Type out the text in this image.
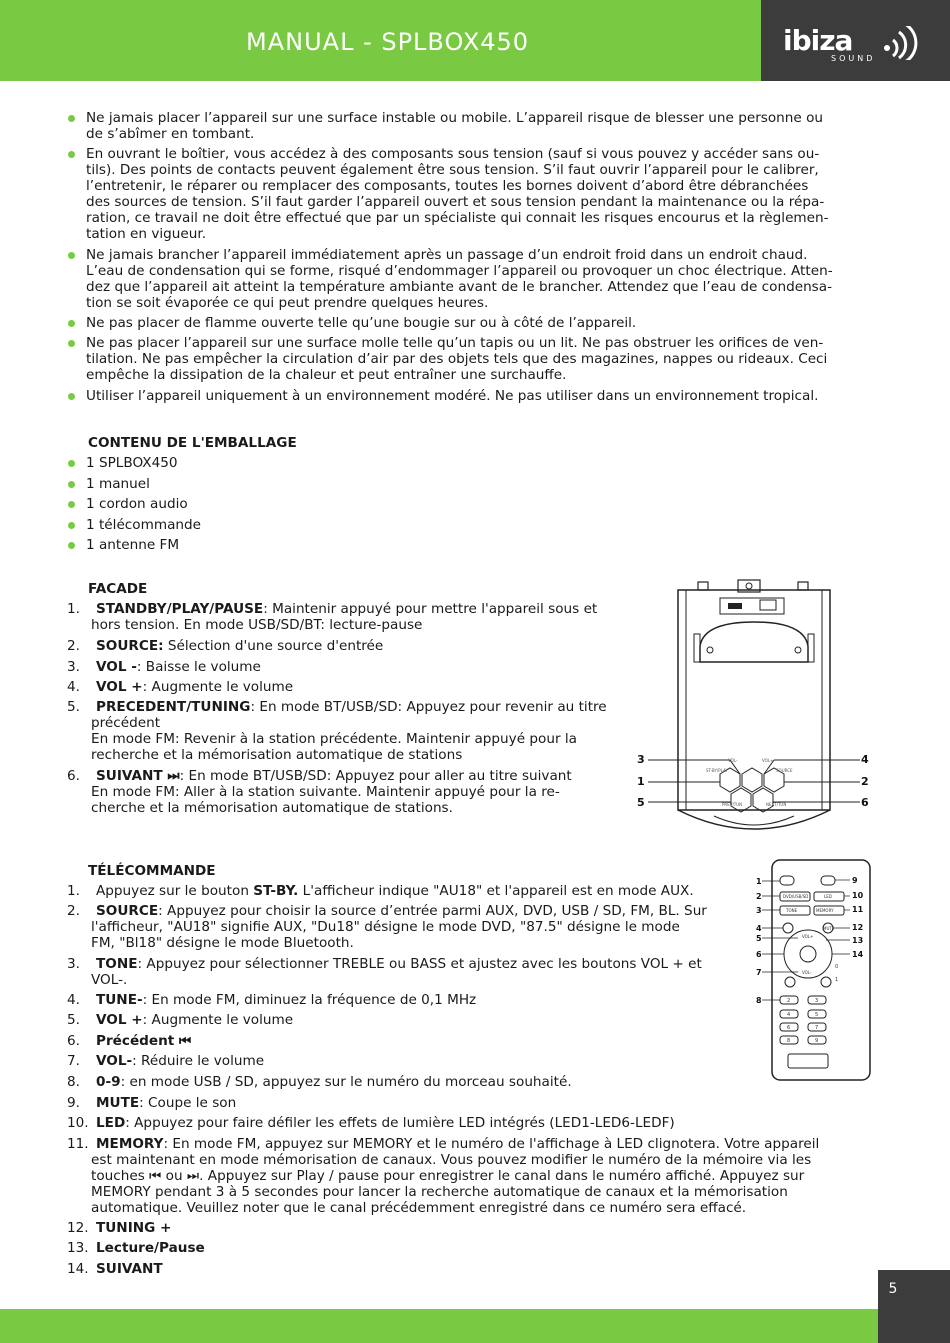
MANUAL - SPLBOX450	ibiza
SOUND
Ne jamais placer l’appareil sur une surface instable ou mobile. L’appareil risque de blesser une personne ou
de s’abîmer en tombant.
En ouvrant le boîtier, vous accédez à des composants sous tension (sauf si vous pouvez y accéder sans ou-
tils). Des points de contacts peuvent également être sous tension. S’il faut ouvrir l’appareil pour le calibrer,
l’entretenir, le réparer ou remplacer des composants, toutes les bornes doivent d’abord être débranchées
des sources de tension. S’il faut garder l’appareil ouvert et sous tension pendant la maintenance ou la répa-
ration, ce travail ne doit être effectué que par un spécialiste qui connait les risques encourus et la règlemen-
tation en vigueur.
Ne jamais brancher l’appareil immédiatement après un passage d’un endroit froid dans un endroit chaud.
L’eau de condensation qui se forme, risqué d’endommager l’appareil ou provoquer un choc électrique. Atten-
dez que l’appareil ait atteint la température ambiante avant de le brancher. Attendez que l’eau de condensa-
tion se soit évaporée ce qui peut prendre quelques heures.
Ne pas placer de flamme ouverte telle qu’une bougie sur ou à côté de l’appareil.
Ne pas placer l’appareil sur une surface molle telle qu’un tapis ou un lit. Ne pas obstruer les orifices de ven-
tilation. Ne pas empêcher la circulation d’air par des objets tels que des magazines, nappes ou rideaux. Ceci
empêche la dissipation de la chaleur et peut entraîner une surchauffe.
Utiliser l’appareil uniquement à un environnement modéré. Ne pas utiliser dans un environnement tropical.
CONTENU DE L'EMBALLAGE
1 SPLBOX450
1 manuel
1 cordon audio
1 télécommande
1 antenne FM
FACADE
1. STANDBY/PLAY/PAUSE: Maintenir appuyé pour mettre l'appareil sous et
hors tension. En mode USB/SD/BT: lecture-pause
2. SOURCE: Sélection d'une source d'entrée
3. VOL -: Baisse le volume
4. VOL +: Augmente le volume
5. PRECEDENT/TUNING: En mode BT/USB/SD: Appuyez pour revenir au titre
précédent
En mode FM: Revenir à la station précédente. Maintenir appuyé pour la
recherche et la mémorisation automatique de stations
6. SUIVANT ⏭: En mode BT/USB/SD: Appuyez pour aller au titre suivant
En mode FM: Aller à la station suivante. Maintenir appuyé pour la re-
cherche et la mémorisation automatique de stations.
ST-BY/PLAY
VOL-	VOL+
SOURCE
PREV/TUN	NEXT/TUN
3
1
5
4
2
6
TÉLÉCOMMANDE
1. Appuyez sur le bouton ST-BY. L'afficheur indique "AU18" et l'appareil est en mode AUX.
2. SOURCE: Appuyez pour choisir la source d’entrée parmi AUX, DVD, USB / SD, FM, BL. Sur
l'afficheur, "AU18" signifie AUX, "Du18" désigne le mode DVD, "87.5" désigne le mode
FM, "Bl18" désigne le mode Bluetooth.
3. TONE: Appuyez pour sélectionner TREBLE ou BASS et ajustez avec les boutons VOL + et
VOL-.
4. TUNE-: En mode FM, diminuez la fréquence de 0,1 MHz
5. VOL +: Augmente le volume
6. Précédent ⏮
7. VOL-: Réduire le volume
8. 0-9: en mode USB / SD, appuyez sur le numéro du morceau souhaité.
9. MUTE: Coupe le son
10. LED: Appuyez pour faire défiler les effets de lumière LED intégrés (LED1-LED6-LEDF)
11. MEMORY: En mode FM, appuyez sur MEMORY et le numéro de l'affichage à LED clignotera. Votre appareil
est maintenant en mode mémorisation de canaux. Vous pouvez modifier le numéro de la mémoire via les
touches ⏮ ou ⏭. Appuyez sur Play / pause pour enregistrer le canal dans le numéro affiché. Appuyez sur
MEMORY pendant 3 à 5 secondes pour lancer la recherche automatique de canaux et la mémorisation
automatique. Veuillez noter que le canal précédemment enregistré dans ce numéro sera effacé.
12. TUNING +
13. Lecture/Pause
14. SUIVANT
DVD/USB/SD	LED
TONE	MEMORY
VOL+
VOL-
MUTE
2	3
4	5
6	7
8	9
1
0
1
2
3
4
5
6
7
8
9
10
11
12
13
14
5
